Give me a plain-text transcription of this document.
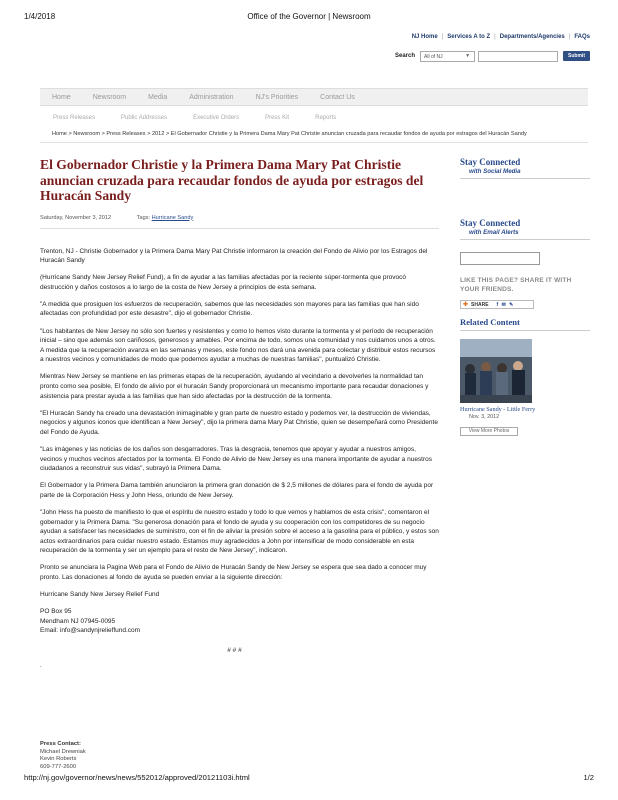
1/4/2018	Office of the Governor | Newsroom
NJ Home | Services A to Z | Departments/Agencies | FAQs
Search	All of NJ	▼	Submit
Home	Newsroom	Media	Administration	NJ's Priorities	Contact Us
Press Releases	Public Addresses	Executive Orders	Press Kit	Reports
Home > Newsroom > Press Releases > 2012 > El Gobernador Christie y la Primera Dama Mary Pat Christie anuncian cruzada para recaudar fondos de ayuda por estragos del Huracán Sandy
El Gobernador Christie y la Primera Dama Mary Pat Christie anuncian cruzada para recaudar fondos de ayuda por estragos del Huracán Sandy
Saturday, November 3, 2012	Tags: Hurricane Sandy

Trenton, NJ - Christie Gobernador y la Primera Dama Mary Pat Christie informaron la creación del Fondo de Alivio por los Estragos del Huracán Sandy

(Hurricane Sandy New Jersey Relief Fund), a fin de ayudar a las familias afectadas por la reciente súper-tormenta que provocó destrucción y daños costosos a lo largo de la costa de New Jersey a principios de esta semana.

"A medida que prosiguen los esfuerzos de recuperación, sabemos que las necesidades son mayores para las familias que han sido afectadas con profundidad por este desastre", dijo el gobernador Christie.

"Los habitantes de New Jersey no sólo son fuertes y resistentes y como lo hemos visto durante la tormenta y el período de recuperación inicial – sino que además son cariñosos, generosos y amables. Por encima de todo, somos una comunidad y nos cuidamos unos a otros. A medida que la recuperación avanza en las semanas y meses, este fondo nos dará una avenida para colectar y distribuir estos recursos a nuestros vecinos y comunidades de modo que podemos ayudar a muchas de nuestras familias", puntualizó Christie.

Mientras New Jersey se mantiene en las primeras etapas de la recuperación, ayudando al vecindario a devolverles la normalidad tan pronto como sea posible, El fondo de alivio por el huracán Sandy proporcionará un mecanismo importante para recaudar donaciones y asistencia para prestar ayuda a las familias que han sido afectadas por la destrucción de la tormenta.

"El Huracán Sandy ha creado una devastación inimaginable y gran parte de nuestro estado y podemos ver, la destrucción de viviendas, negocios y algunos iconos que identifican a New Jersey", dijo la primera dama Mary Pat Christie, quien se desempeñará como Presidente del Fondo de Ayuda.

"Las imágenes y las noticias de los daños son desgarradores. Tras la desgracia, tenemos que apoyar y ayudar a nuestros amigos, vecinos y muchos vecinos afectados por la tormenta. El Fondo de Alivio de New Jersey es una manera importante de ayudar a nuestros ciudadanos a reconstruir sus vidas", subrayó la Primera Dama.

El Gobernador y la Primera Dama también anunciaron la primera gran donación de $ 2,5 millones de dólares para el fondo de ayuda por parte de la Corporación Hess y John Hess, oriundo de New Jersey.

"John Hess ha puesto de manifiesto lo que el espíritu de nuestro estado y todo lo que vemos y hablamos de esta crisis", comentaron el gobernador y la Primera Dama. "Su generosa donación para el fondo de ayuda y su cooperación con los competidores de su negocio ayudan a satisfacer las necesidades de suministro, con el fin de aliviar la presión sobre el acceso a la gasolina para el público, y estos son actos extraordinarios para cuidar nuestro estado. Estamos muy agradecidos a John por intensificar de modo considerable en esta recuperación de la tormenta y ser un ejemplo para el resto de New Jersey", indicaron.

Pronto se anunciara la Pagina Web para el Fondo de Alivio de Huracán Sandy de New Jersey se espera que sea dado a conocer muy pronto. Las donaciones al fondo de ayuda se pueden enviar a la siguiente dirección:

Hurricane Sandy New Jersey Relief Fund

PO Box 95

Mendham NJ 07945-0095

Email: info@sandynjrelieffund.com

# # #
.
Press Contact:
Michael Drewniak
Kevin Roberts
609-777-2600
Stay Connected
with Social Media
Stay Connected
with Email Alerts
LIKE THIS PAGE? SHARE IT WITH YOUR FRIENDS.
✚ SHARE f ✉ ✎
Related Content
Hurricane Sandy - Little Ferry
Nov. 3, 2012
View More Photos
http://nj.gov/governor/news/news/552012/approved/20121103i.html	1/2
